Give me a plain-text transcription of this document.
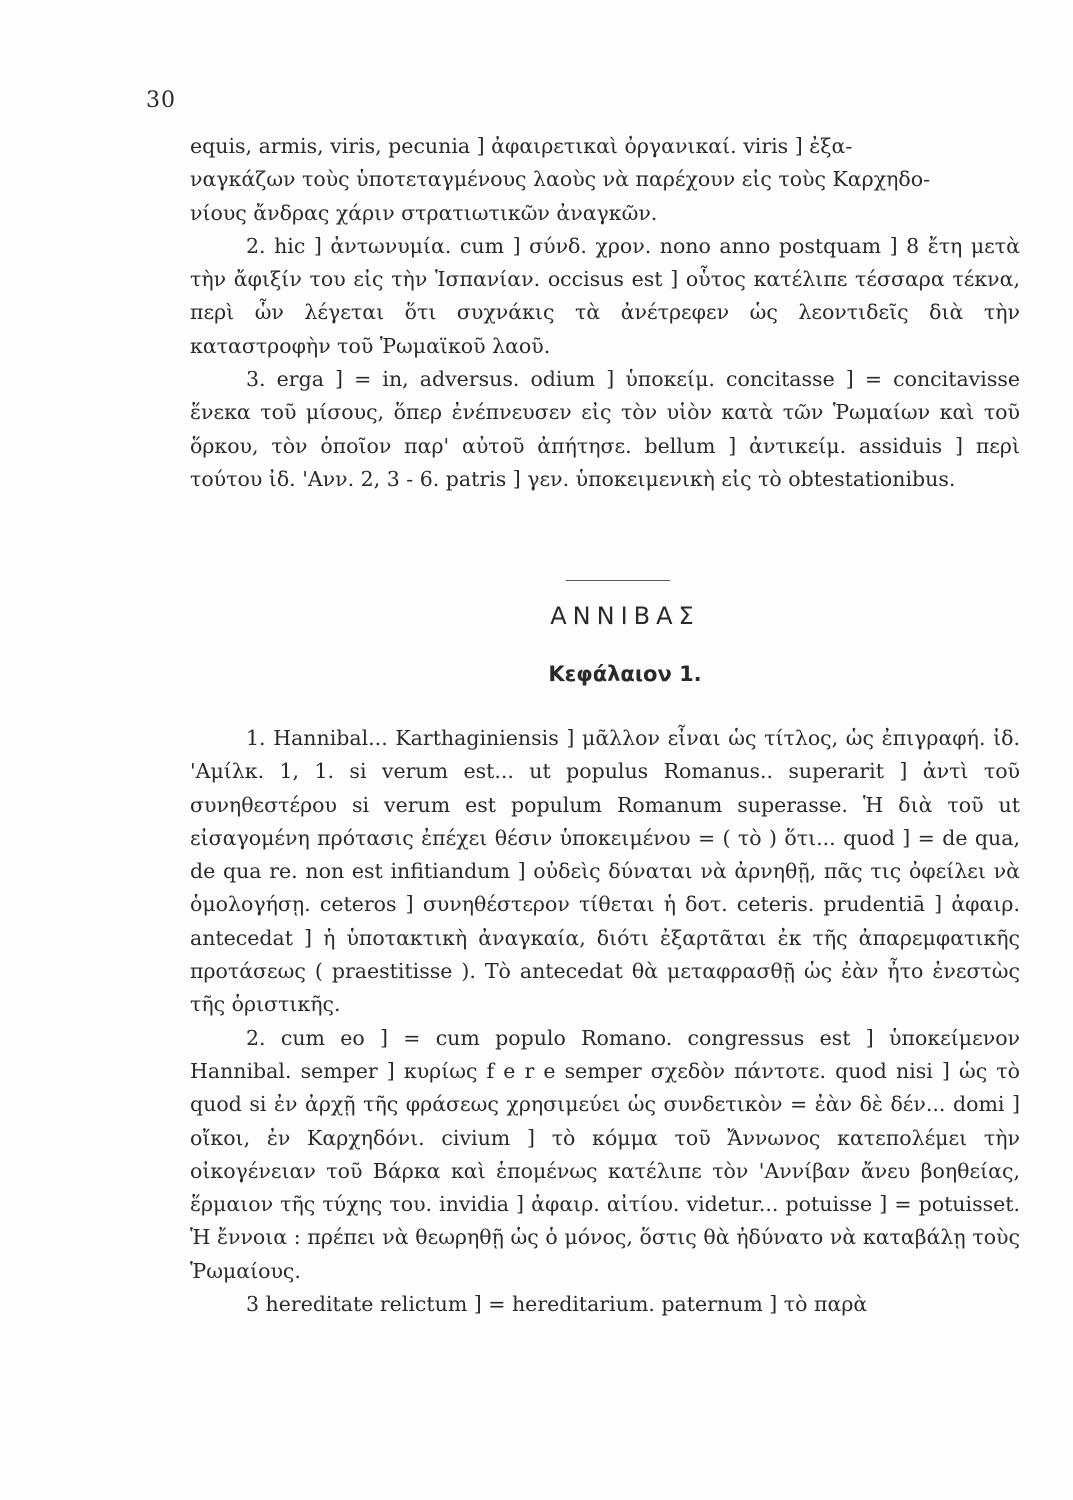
30

equis, armis, viris, pecunia ] ἀφαιρετικαὶ ὀργανικαί. viris ] ἐξα-

ναγκάζων τοὺς ὑποτεταγμένους λαοὺς νὰ παρέχουν εἰς τοὺς Καρχηδο-

νίους ἄνδρας χάριν στρατιωτικῶν ἀναγκῶν.

2. hic ] ἀντωνυμία. cum ] σύνδ. χρον. nono anno postquam ] 8 ἔτη μετὰ τὴν ἄφιξίν του εἰς τὴν Ἱσπανίαν. occisus est ] οὗτος κατέλιπε τέσσαρα τέκνα, περὶ ὧν λέγεται ὅτι συχνάκις τὰ ἀνέτρεφεν ὡς λεοντιδεῖς διὰ τὴν καταστροφὴν τοῦ Ῥωμαϊκοῦ λαοῦ.

3. erga ] = in, adversus. odium ] ὑποκείμ. concitasse ] = concitavisse ἕνεκα τοῦ μίσους, ὅπερ ἐνέπνευσεν εἰς τὸν υἱὸν κατὰ τῶν Ῥωμαίων καὶ τοῦ ὅρκου, τὸν ὁποῖον παρ' αὐτοῦ ἀπήτησε. bellum ] ἀντικείμ. assiduis ] περὶ τούτου ἰδ. 'Ανν. 2, 3 - 6. patris ] γεν. ὑποκειμενικὴ εἰς τὸ obtestationibus.

ΑΝΝΙΒΑΣ
Κεφάλαιον 1.

1. Hannibal... Karthaginiensis ] μᾶλλον εἶναι ὡς τίτλος, ὡς ἐπιγραφή. ἰδ. 'Αμίλκ. 1, 1. si verum est... ut populus Romanus.. superarit ] ἀντὶ τοῦ συνηθεστέρου si verum est populum Romanum superasse. Ἡ διὰ τοῦ ut εἰσαγομένη πρότασις ἐπέχει θέσιν ὑποκειμένου = ( τὸ ) ὅτι... quod ] = de qua, de qua re. non est infitiandum ] οὐδεὶς δύναται νὰ ἀρνηθῇ, πᾶς τις ὀφείλει νὰ ὁμολογήσῃ. ceteros ] συνηθέστερον τίθεται ἡ δοτ. ceteris. prudentiā ] ἀφαιρ. antecedat ] ἡ ὑποτακτικὴ ἀναγκαία, διότι ἐξαρτᾶται ἐκ τῆς ἀπαρεμφατικῆς προτάσεως ( praestitisse ). Τὸ antecedat θὰ μεταφρασθῇ ὡς ἐὰν ἦτο ἐνεστὼς τῆς ὁριστικῆς.

2. cum eo ] = cum populo Romano. congressus est ] ὑποκείμενον Hannibal. semper ] κυρίως f e r e semper σχεδὸν πάντοτε. quod nisi ] ὡς τὸ quod si ἐν ἀρχῇ τῆς φράσεως χρησιμεύει ὡς συνδετικὸν = ἐὰν δὲ δέν... domi ] οἴκοι, ἐν Καρχηδόνι. civium ] τὸ κόμμα τοῦ Ἄννωνος κατεπολέμει τὴν οἰκογένειαν τοῦ Βάρκα καὶ ἑπομένως κατέλιπε τὸν 'Αννίβαν ἄνευ βοηθείας, ἕρμαιον τῆς τύχης του. invidia ] ἀφαιρ. αἰτίου. videtur... potuisse ] = potuisset. Ἡ ἔννοια : πρέπει νὰ θεωρηθῇ ὡς ὁ μόνος, ὅστις θὰ ἠδύνατο νὰ καταβάλῃ τοὺς Ῥωμαίους.

3 hereditate relictum ] = hereditarium. paternum ] τὸ παρὰ
